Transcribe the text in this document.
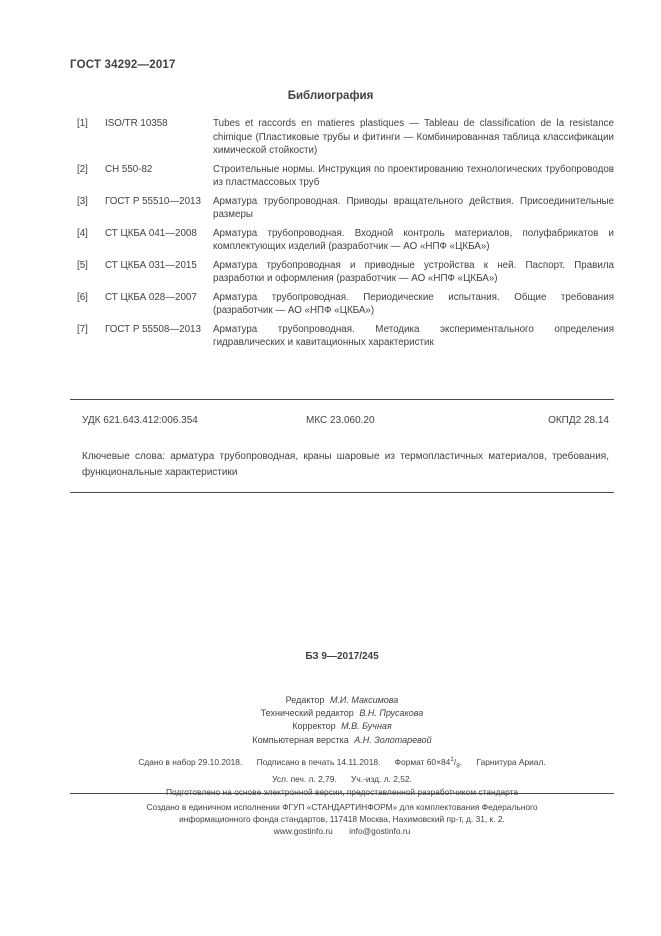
ГОСТ 34292—2017
Библиография
[1]	ISO/TR 10358	Tubes et raccords en matieres plastiques — Tableau de classification de la resistance chimique (Пластиковые трубы и фитинги — Комбинированная таблица классификации химической стойкости)
[2]	СН 550-82	Строительные нормы. Инструкция по проектированию технологических трубопроводов из пластмассовых труб
[3]	ГОСТ Р 55510—2013	Арматура трубопроводная. Приводы вращательного действия. Присоединительные размеры
[4]	СТ ЦКБА 041—2008	Арматура трубопроводная. Входной контроль материалов, полуфабрикатов и комплектующих изделий (разработчик — АО «НПФ «ЦКБА»)
[5]	СТ ЦКБА 031—2015	Арматура трубопроводная и приводные устройства к ней. Паспорт. Правила разработки и оформления (разработчик — АО «НПФ «ЦКБА»)
[6]	СТ ЦКБА 028—2007	Арматура трубопроводная. Периодические испытания. Общие требования (разработчик — АО «НПФ «ЦКБА»)
[7]	ГОСТ Р 55508—2013	Арматура трубопроводная. Методика экспериментального определения гидравлических и кавитационных характеристик
УДК 621.643.412:006.354	МКС 23.060.20	ОКПД2 28.14
Ключевые слова: арматура трубопроводная, краны шаровые из термопластичных материалов, требования, функциональные характеристики
БЗ 9—2017/245
Редактор М.И. Максимова
Технический редактор В.Н. Прусакова
Корректор М.В. Бучная
Компьютерная верстка А.Н. Золотаревой
Сдано в набор 29.10.2018. Подписано в печать 14.11.2018. Формат $60\times 84^1/_8$. Гарнитура Ариал.
Усл. печ. л. 2,79. Уч.-изд. л. 2,52.
Подготовлено на основе электронной версии, предоставленной разработчиком стандарта
Создано в единичном исполнении ФГУП «СТАНДАРТИНФОРМ» для комплектования Федерального
информационного фонда стандартов, 117418 Москва, Нахимовский пр-т, д. 31, к. 2.
www.gostinfo.ru info@gostinfo.ru
